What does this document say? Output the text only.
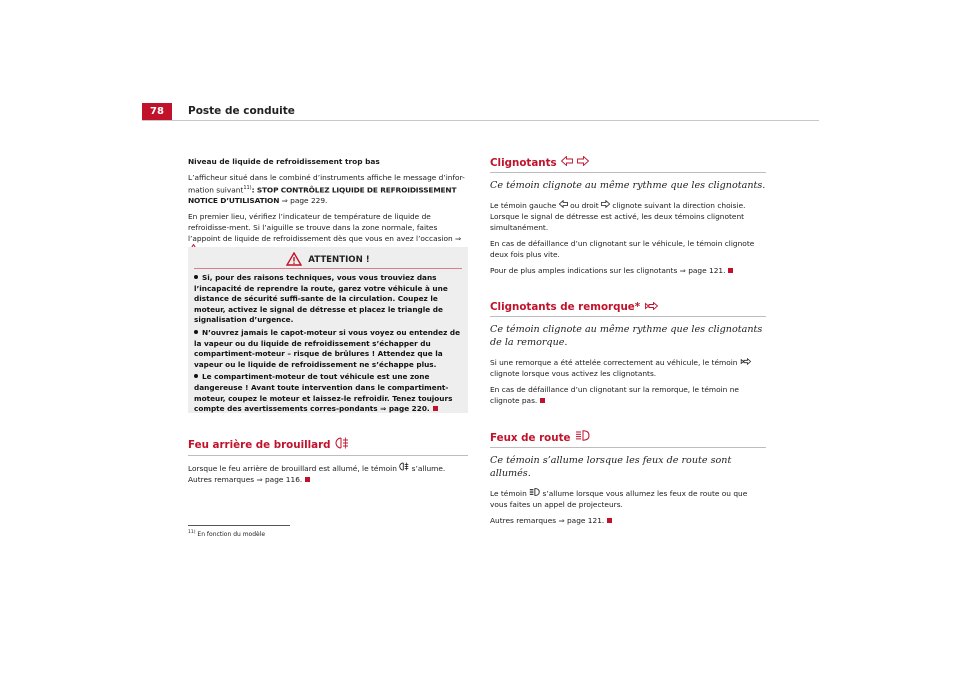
78	Poste de conduite
Niveau de liquide de refroidissement trop bas
L’afficheur situé dans le combiné d’instruments affiche le message d’infor-mation suivant$^{11)}$: STOP CONTRÔLEZ LIQUIDE DE REFROIDISSEMENT NOTICE D’UTILISATION ⇒ page 229.
En premier lieu, vérifiez l’indicateur de température de liquide de refroidisse-ment. Si l’aiguille se trouve dans la zone normale, faites l’appoint de liquide de refroidissement dès que vous en avez l’occasion ⇒
ATTENTION !
Si, pour des raisons techniques, vous vous trouviez dans l’incapacité de reprendre la route, garez votre véhicule à une distance de sécurité suffi-sante de la circulation. Coupez le moteur, activez le signal de détresse et placez le triangle de signalisation d’urgence.
N’ouvrez jamais le capot-moteur si vous voyez ou entendez de la vapeur ou du liquide de refroidissement s’échapper du compartiment-moteur – risque de brûlures ! Attendez que la vapeur ou le liquide de refroidissement ne s’échappe plus.
Le compartiment-moteur de tout véhicule est une zone dangereuse ! Avant toute intervention dans le compartiment-moteur, coupez le moteur et laissez-le refroidir. Tenez toujours compte des avertissements corres-pondants ⇒ page 220.
Feu arrière de brouillard
Lorsque le feu arrière de brouillard est allumé, le témoin s’allume. Autres remarques ⇒ page 116.
Clignotants
Ce témoin clignote au même rythme que les clignotants.
Le témoin gauche ou droit clignote suivant la direction choisie. Lorsque le signal de détresse est activé, les deux témoins clignotent simultanément.
En cas de défaillance d’un clignotant sur le véhicule, le témoin clignote deux fois plus vite.
Pour de plus amples indications sur les clignotants ⇒ page 121.
Clignotants de remorque*
Ce témoin clignote au même rythme que les clignotants de la remorque.
Si une remorque a été attelée correctement au véhicule, le témoin  clignote lorsque vous activez les clignotants.
En cas de défaillance d’un clignotant sur la remorque, le témoin ne clignote pas.
Feux de route
Ce témoin s’allume lorsque les feux de route sont allumés.
Le témoin s’allume lorsque vous allumez les feux de route ou que vous faites un appel de projecteurs.
Autres remarques ⇒ page 121.
$^{11)}$ En fonction du modèle
